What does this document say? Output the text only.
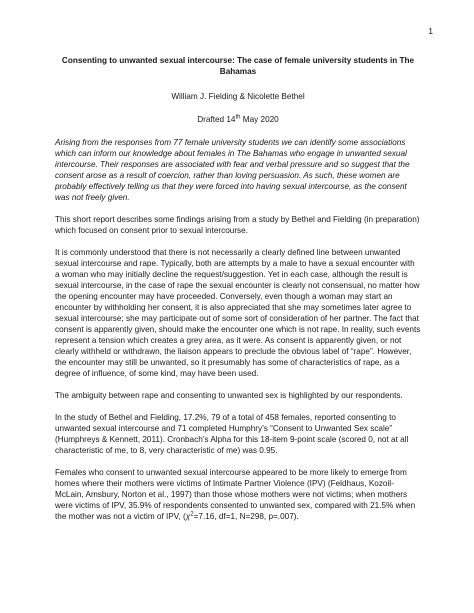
1

Consenting to unwanted sexual intercourse: The case of female university students in The Bahamas

William J. Fielding & Nicolette Bethel

Drafted 14th May 2020

Arising from the responses from 77 female university students we can identify some associations which can inform our knowledge about females in The Bahamas who engage in unwanted sexual intercourse. Their responses are associated with fear and verbal pressure and so suggest that the consent arose as a result of coercion, rather than loving persuasion. As such, these women are probably effectively telling us that they were forced into having sexual intercourse, as the consent was not freely given.

This short report describes some findings arising from a study by Bethel and Fielding (in preparation) which focused on consent prior to sexual intercourse.

It is commonly understood that there is not necessarily a clearly defined line between unwanted sexual intercourse and rape. Typically, both are attempts by a male to have a sexual encounter with a woman who may initially decline the request/suggestion. Yet in each case, although the result is sexual intercourse, in the case of rape the sexual encounter is clearly not consensual, no matter how the opening encounter may have proceeded. Conversely, even though a woman may start an encounter by withholding her consent, it is also appreciated that she may sometimes later agree to sexual intercourse; she may participate out of some sort of consideration of her partner. The fact that consent is apparently given, should make the encounter one which is not rape. In reality, such events represent a tension which creates a grey area, as it were. As consent is apparently given, or not clearly withheld or withdrawn, the liaison appears to preclude the obvious label of “rape”. However, the encounter may still be unwanted, so it presumably has some of characteristics of rape, as a degree of influence, of some kind, may have been used.

The ambiguity between rape and consenting to unwanted sex is highlighted by our respondents.

In the study of Bethel and Fielding, 17.2%, 79 of a total of 458 females, reported consenting to unwanted sexual intercourse and 71 completed Humphry’s “Consent to Unwanted Sex scale” (Humphreys & Kennett, 2011). Cronbach’s Alpha for this 18-item 9-point scale (scored 0, not at all characteristic of me, to 8, very characteristic of me) was 0.95.

Females who consent to unwanted sexual intercourse appeared to be more likely to emerge from homes where their mothers were victims of Intimate Partner Violence (IPV) (Feldhaus, Kozoil-McLain, Amsbury, Norton et al., 1997) than those whose mothers were not victims; when mothers were victims of IPV, 35.9% of respondents consented to unwanted sex, compared with 21.5% when the mother was not a victim of IPV, ($\chi^2=7.16$, df=1, N=298, p=.007).
